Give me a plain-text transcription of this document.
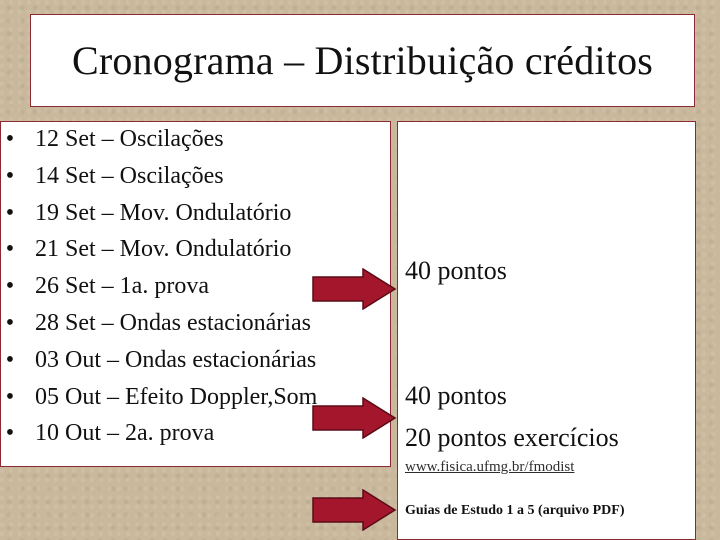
Cronograma – Distribuição créditos
• 12 Set – Oscilações
• 14 Set – Oscilações
• 19 Set – Mov. Ondulatório
• 21 Set – Mov. Ondulatório
• 26 Set – 1a. prova
• 28 Set – Ondas estacionárias
• 03 Out – Ondas estacionárias
• 05 Out – Efeito Doppler,Som
• 10 Out – 2a. prova
40 pontos
40 pontos
20 pontos exercícios
www.fisica.ufmg.br/fmodist
Guias de Estudo 1 a 5 (arquivo PDF)
